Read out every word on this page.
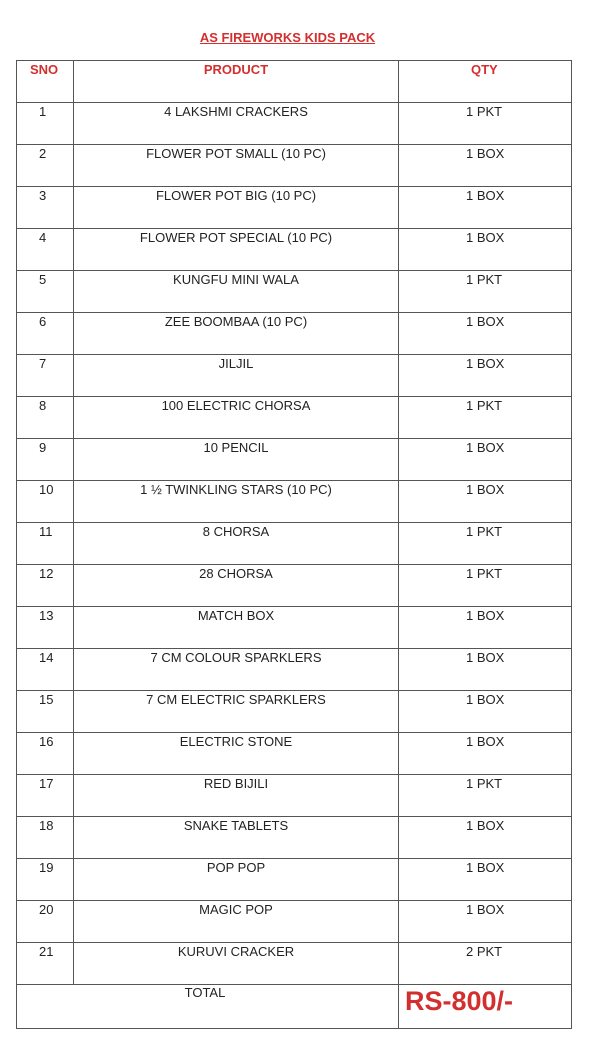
AS FIREWORKS KIDS PACK
SNO	PRODUCT	QTY
1	4 LAKSHMI CRACKERS	1 PKT
2	FLOWER POT SMALL (10 PC)	1 BOX
3	FLOWER POT BIG (10 PC)	1 BOX
4	FLOWER POT SPECIAL (10 PC)	1 BOX
5	KUNGFU MINI WALA	1 PKT
6	ZEE BOOMBAA (10 PC)	1 BOX
7	JILJIL	1 BOX
8	100 ELECTRIC CHORSA	1 PKT
9	10 PENCIL	1 BOX
10	1 ½ TWINKLING STARS (10 PC)	1 BOX
11	8 CHORSA	1 PKT
12	28 CHORSA	1 PKT
13	MATCH BOX	1 BOX
14	7 CM COLOUR SPARKLERS	1 BOX
15	7 CM ELECTRIC SPARKLERS	1 BOX
16	ELECTRIC STONE	1 BOX
17	RED BIJILI	1 PKT
18	SNAKE TABLETS	1 BOX
19	POP POP	1 BOX
20	MAGIC POP	1 BOX
21	KURUVI CRACKER	2 PKT
TOTAL		RS-800/-
